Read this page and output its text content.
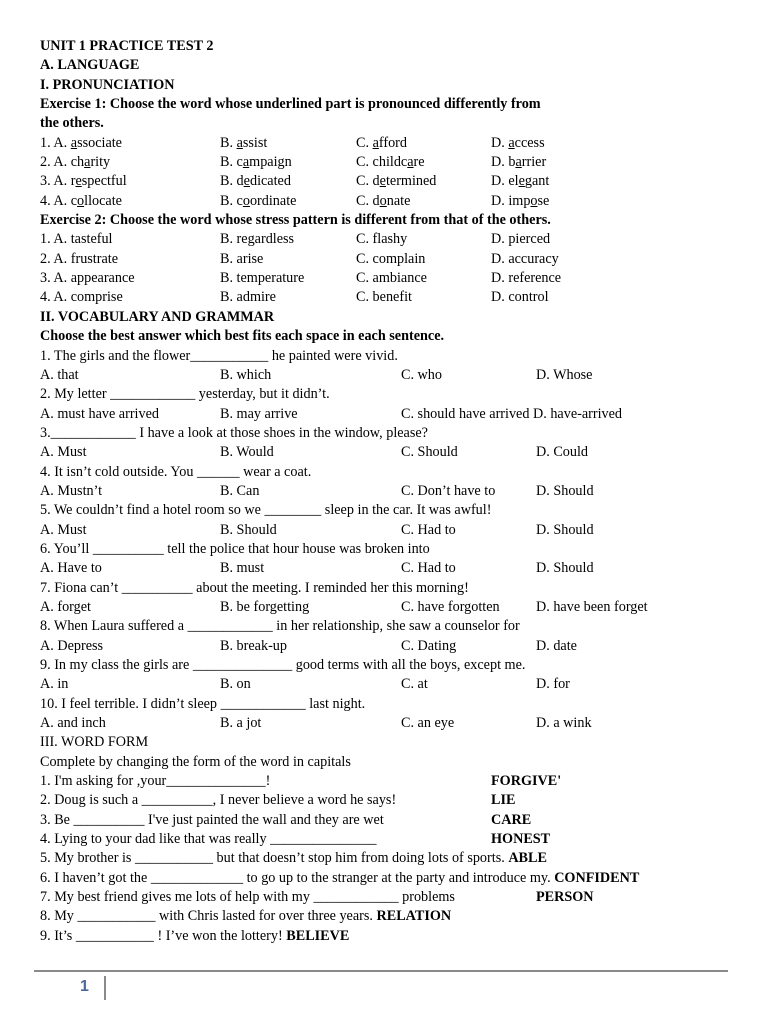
UNIT 1 PRACTICE TEST 2
A. LANGUAGE
I. PRONUNCIATION
Exercise 1: Choose the word whose underlined part is pronounced differently from
the others.
1. A. associate	B. assist	C. afford	D. access
2. A. charity	B. campaign	C. childcare	D. barrier
3. A. respectful	B. dedicated	C. determined	D. elegant
4. A. collocate	B. coordinate	C. donate	D. impose
Exercise 2: Choose the word whose stress pattern is different from that of the others.
1. A. tasteful	B. regardless	C. flashy	D. pierced
2. A. frustrate	B. arise	C. complain	D. accuracy
3. A. appearance	B. temperature	C. ambiance	D. reference
4. A. comprise	B. admire	C. benefit	D. control
II. VOCABULARY AND GRAMMAR
Choose the best answer which best fits each space in each sentence.
1. The girls and the flower___________ he painted were vivid.
A. that	B. which	C. who	D. Whose
2. My letter ____________ yesterday, but it didn’t.
A. must have arrived	B. may arrive	C. should have arrived D. have-arrived
3.____________ I have a look at those shoes in the window, please?
A. Must	B. Would	C. Should	D. Could
4. It isn’t cold outside. You ______ wear a coat.
A. Mustn’t	B. Can	C. Don’t have to	D. Should
5. We couldn’t find a hotel room so we ________ sleep in the car. It was awful!
A. Must	B. Should	C. Had to	D. Should
6. You’ll __________ tell the police that hour house was broken into
A. Have to	B. must	C. Had to	D. Should
7. Fiona can’t __________ about the meeting. I reminded her this morning!
A. forget	B. be forgetting	C. have forgotten	D. have been forget
8. When Laura suffered a ____________ in her relationship, she saw a counselor for
A. Depress	B. break-up	C. Dating	D. date
9. In my class the girls are ______________ good terms with all the boys, except me.
A. in	B. on	C. at	D. for
10. I feel terrible. I didn’t sleep ____________ last night.
A. and inch	B. a jot	C. an eye	D. a wink
III. WORD FORM
Complete by changing the form of the word in capitals
1. I'm asking for ,your______________!	FORGIVE'
2. Doug is such a __________, I never believe a word he says!	LIE
3. Be __________ I've just painted the wall and they are wet	CARE
4. Lying to your dad like that was really _______________	HONEST
5. My brother is ___________ but that doesn’t stop him from doing lots of sports. ABLE
6. I haven’t got the _____________ to go up to the stranger at the party and introduce my. CONFIDENT
7. My best friend gives me lots of help with my ____________ problems	PERSON
8. My ___________ with Chris lasted for over three years. RELATION
9. It’s ___________ ! I’ve won the lottery! BELIEVE
1
